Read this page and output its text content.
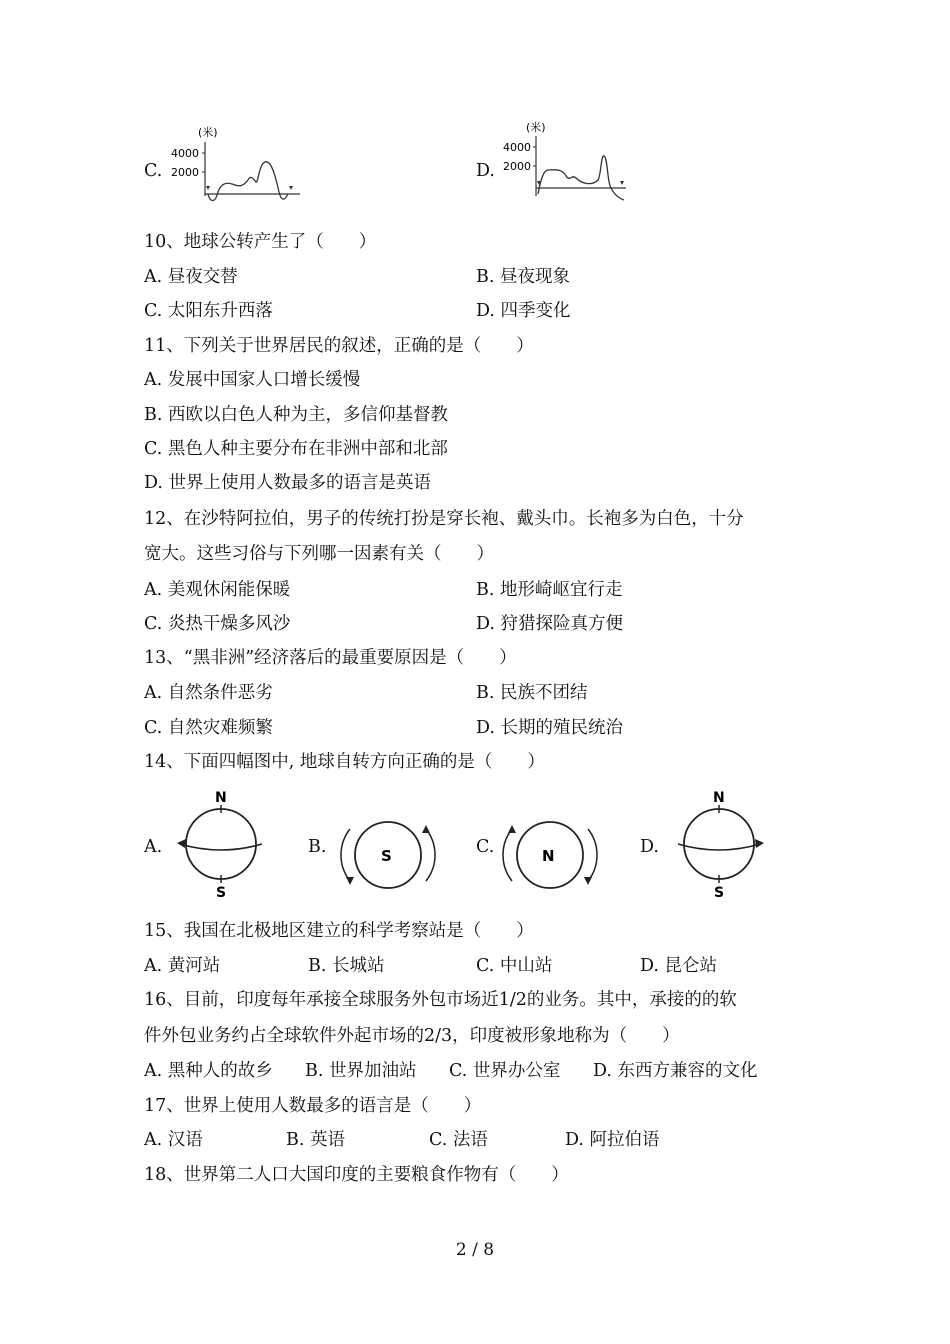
C.
(米)
4000
2000	D.
(米)
4000
2000
10、地球公转产生了（　　）
A. 昼夜交替	B. 昼夜现象
C. 太阳东升西落	D. 四季变化
11、下列关于世界居民的叙述，正确的是（　　）
A. 发展中国家人口增长缓慢
B. 西欧以白色人种为主，多信仰基督教
C. 黑色人种主要分布在非洲中部和北部
D. 世界上使用人数最多的语言是英语
12、在沙特阿拉伯，男子的传统打扮是穿长袍、戴头巾。长袍多为白色，十分
宽大。这些习俗与下列哪一因素有关（　　）
A. 美观休闲能保暖	B. 地形崎岖宜行走
C. 炎热干燥多风沙	D. 狩猎探险真方便
13、“黑非洲”经济落后的最重要原因是（　　）
A. 自然条件恶劣	B. 民族不团结
C. 自然灾难频繁	D. 长期的殖民统治
14、下面四幅图中, 地球自转方向正确的是（　　）
A.
N
S
B.	S	C.	N	D.
N
S
15、我国在北极地区建立的科学考察站是（　　）
A. 黄河站	B. 长城站	C. 中山站	D. 昆仑站
16、目前，印度每年承接全球服务外包市场近1/2的业务。其中，承接的的软
件外包业务约占全球软件外起市场的2/3，印度被形象地称为（　　）
A. 黑种人的故乡 B. 世界加油站 C. 世界办公室 D. 东西方兼容的文化
17、世界上使用人数最多的语言是（　　）
A. 汉语	B. 英语	C. 法语	D. 阿拉伯语
18、世界第二人口大国印度的主要粮食作物有（　　）
2 / 8
